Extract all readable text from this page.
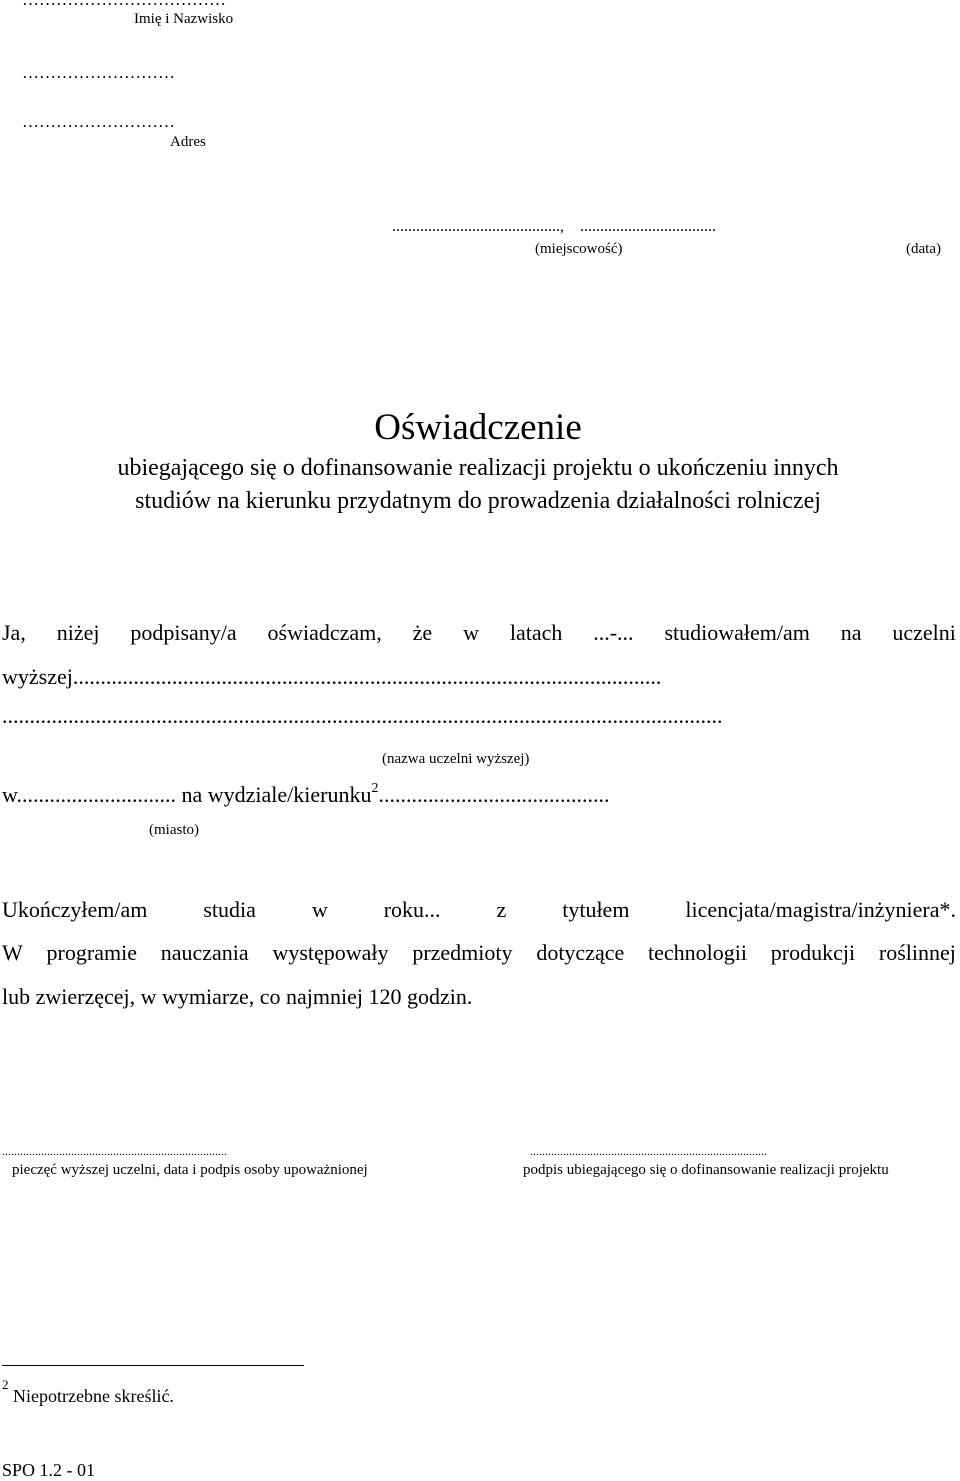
Imię i Nazwisko
………………………
………………………
Adres
..........................................,    ..................................
(miejscowość)	(data)
Oświadczenie
ubiegającego się o dofinansowanie realizacji projektu o ukończeniu innych
studiów na kierunku przydatnym do prowadzenia działalności rolniczej
Ja, niżej podpisany/a oświadczam, że w latach ...-... studiowałem/am na uczelni
wyższej...........................................................................................................
...................................................................................................................................
(nazwa uczelni wyższej)
w............................. na wydziale/kierunku$^2$..........................................
(miasto)
Ukończyłem/am	studia	w	roku...	z	tytułem	licencjata/magistra/inżyniera*.
W programie nauczania występowały przedmioty dotyczące technologii produkcji roślinnej
lub zwierzęcej, w wymiarze, co najmniej 120 godzin.
...........................................................................
pieczęć wyższej uczelni, data i podpis osoby upoważnionej
...............................................................................
podpis ubiegającego się o dofinansowanie realizacji projektu
2
Niepotrzebne skreślić.
SPO 1.2 - 01
